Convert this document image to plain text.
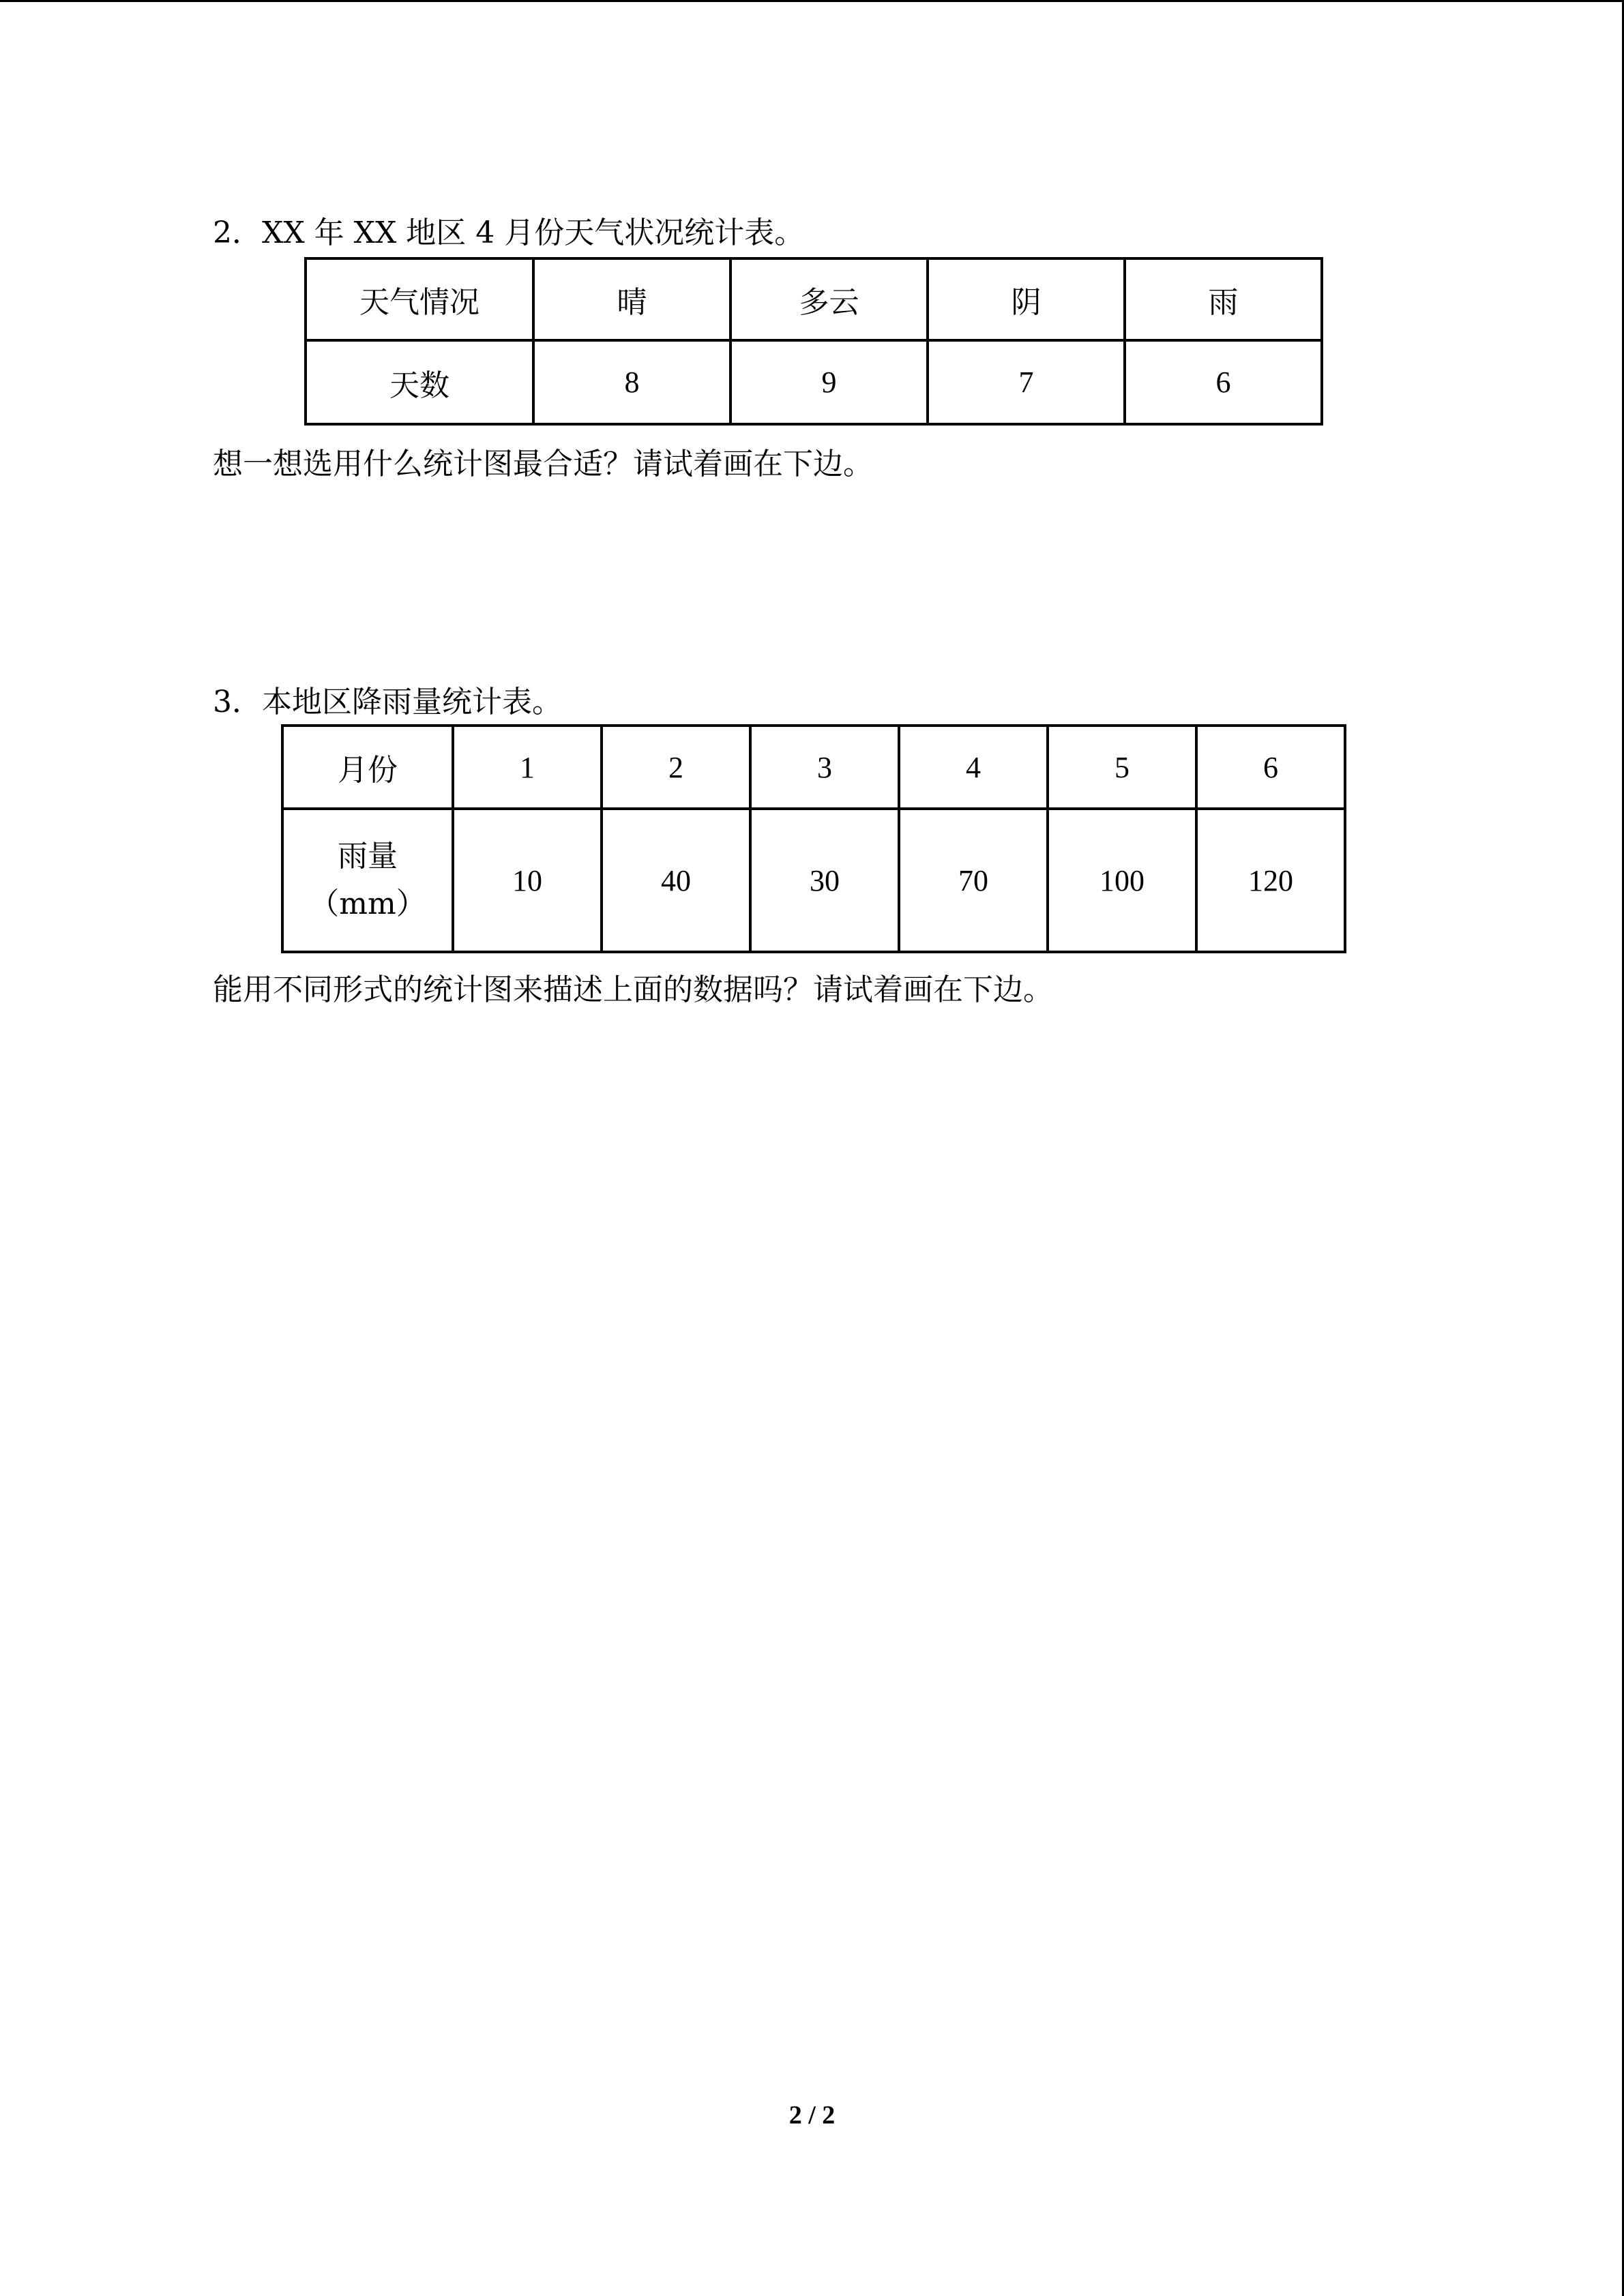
2．XX 年 XX 地区 4 月份天气状况统计表。
天气情况	晴	多云	阴	雨
天数	8	9	7	6
想一想选用什么统计图最合适？请试着画在下边。
3．本地区降雨量统计表。
月份	1	2	3	4	5	6

雨量
（mm）	10	40	30	70	100	120
能用不同形式的统计图来描述上面的数据吗？请试着画在下边。
2 / 2
